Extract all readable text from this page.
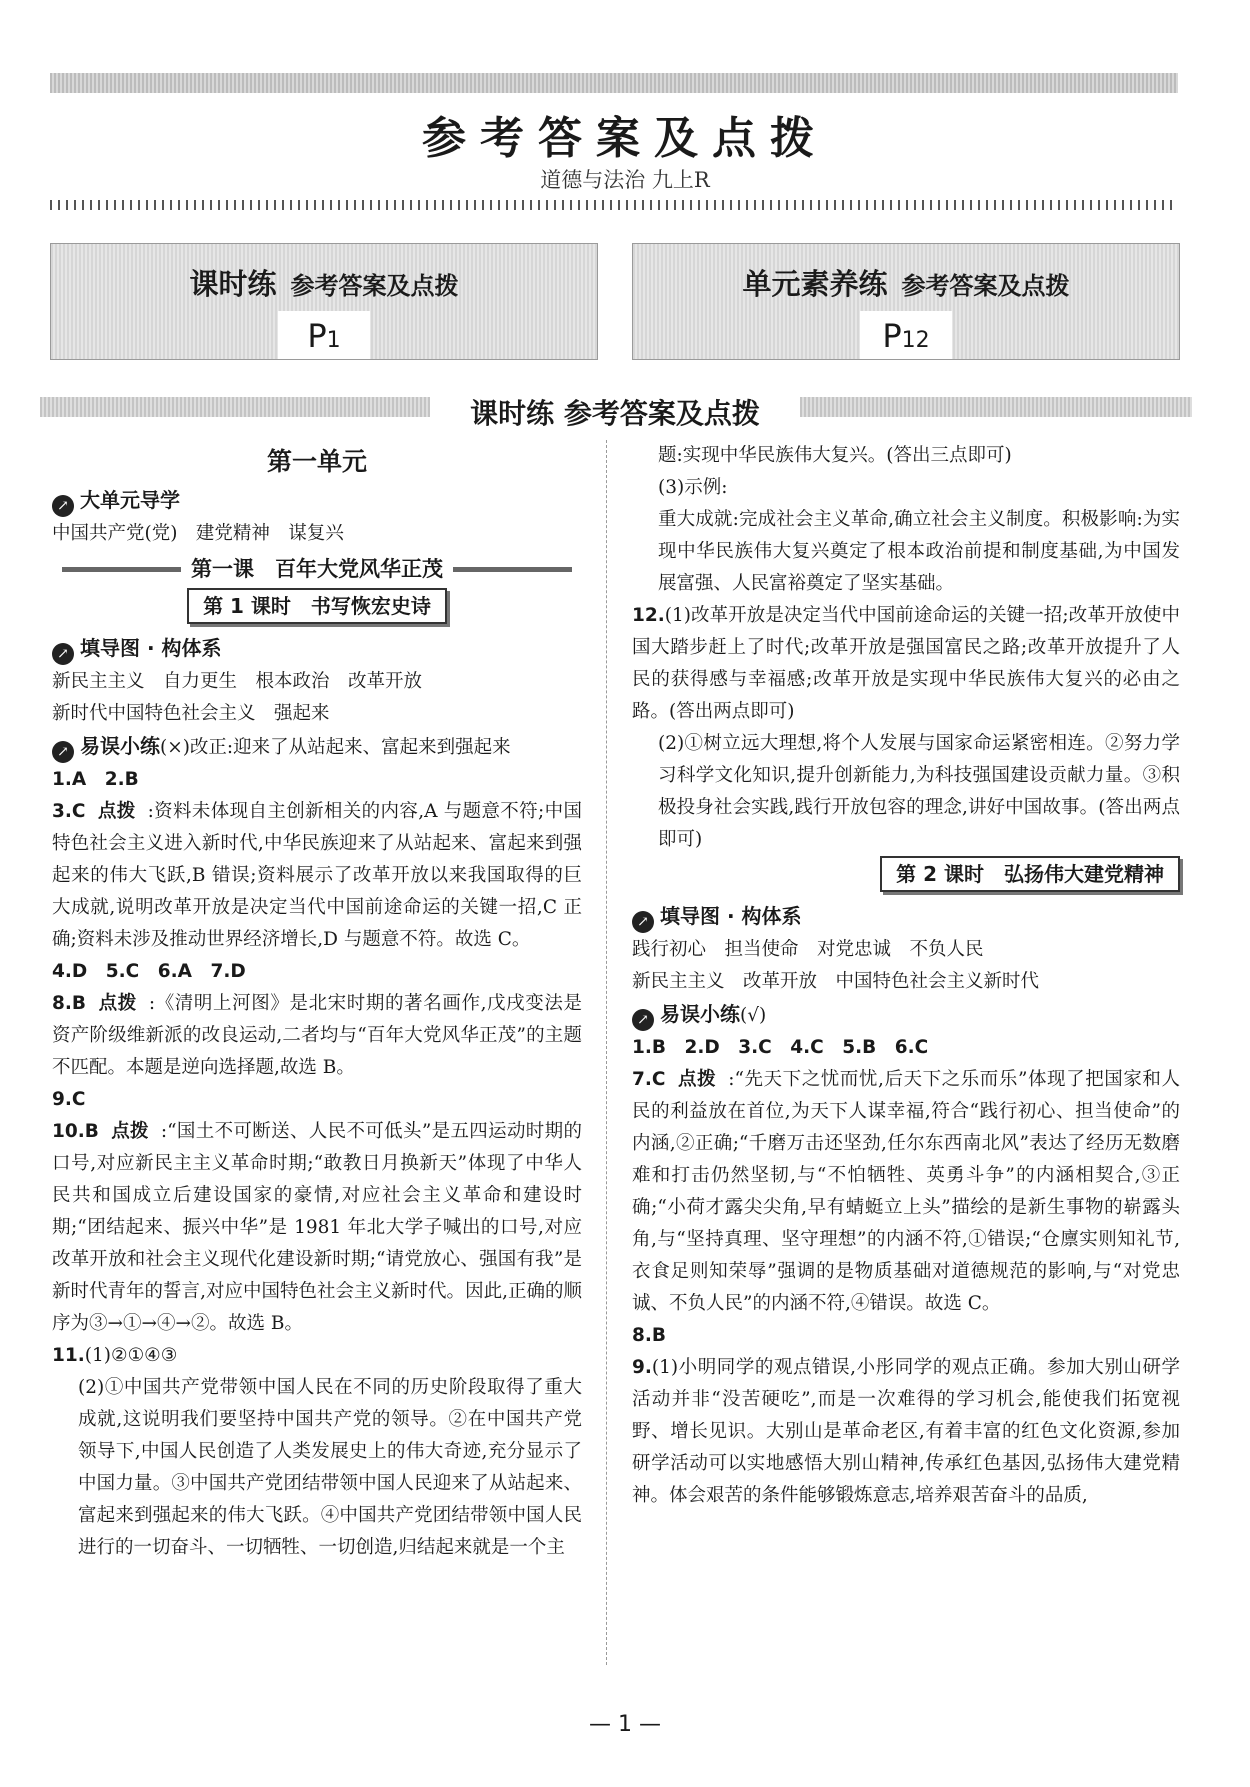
参考答案及点拨
道德与法治 九上R
课时练 参考答案及点拨
P1
单元素养练 参考答案及点拨
P12
课时练 参考答案及点拨
第一单元

↗ 大单元导学

中国共产党(党)　建党精神　谋复兴

第一课　百年大党风华正茂
第 1 课时　书写恢宏史诗

↗ 填导图 · 构体系

新民主主义　自力更生　根本政治　改革开放

新时代中国特色社会主义　强起来

↗ 易误小练(×)改正:迎来了从站起来、富起来到强起来

1.A　2.B

3.C 点拨 :资料未体现自主创新相关的内容,A 与题意不符;中国特色社会主义进入新时代,中华民族迎来了从站起来、富起来到强起来的伟大飞跃,B 错误;资料展示了改革开放以来我国取得的巨大成就,说明改革开放是决定当代中国前途命运的关键一招,C 正确;资料未涉及推动世界经济增长,D 与题意不符。故选 C。

4.D　5.C　6.A　7.D

8.B 点拨 :《清明上河图》是北宋时期的著名画作,戊戌变法是资产阶级维新派的改良运动,二者均与“百年大党风华正茂”的主题不匹配。本题是逆向选择题,故选 B。

9.C

10.B 点拨 :“国土不可断送、人民不可低头”是五四运动时期的口号,对应新民主主义革命时期;“敢教日月换新天”体现了中华人民共和国成立后建设国家的豪情,对应社会主义革命和建设时期;“团结起来、振兴中华”是 1981 年北大学子喊出的口号,对应改革开放和社会主义现代化建设新时期;“请党放心、强国有我”是新时代青年的誓言,对应中国特色社会主义新时代。因此,正确的顺序为③→①→④→②。故选 B。

11.(1)②①④③

(2)①中国共产党带领中国人民在不同的历史阶段取得了重大成就,这说明我们要坚持中国共产党的领导。②在中国共产党领导下,中国人民创造了人类发展史上的伟大奇迹,充分显示了中国力量。③中国共产党团结带领中国人民迎来了从站起来、富起来到强起来的伟大飞跃。④中国共产党团结带领中国人民进行的一切奋斗、一切牺牲、一切创造,归结起来就是一个主

题:实现中华民族伟大复兴。(答出三点即可)

(3)示例:

重大成就:完成社会主义革命,确立社会主义制度。积极影响:为实现中华民族伟大复兴奠定了根本政治前提和制度基础,为中国发展富强、人民富裕奠定了坚实基础。

12.(1)改革开放是决定当代中国前途命运的关键一招;改革开放使中国大踏步赶上了时代;改革开放是强国富民之路;改革开放提升了人民的获得感与幸福感;改革开放是实现中华民族伟大复兴的必由之路。(答出两点即可)

(2)①树立远大理想,将个人发展与国家命运紧密相连。②努力学习科学文化知识,提升创新能力,为科技强国建设贡献力量。③积极投身社会实践,践行开放包容的理念,讲好中国故事。(答出两点即可)

第 2 课时　弘扬伟大建党精神

↗ 填导图 · 构体系

践行初心　担当使命　对党忠诚　不负人民

新民主主义　改革开放　中国特色社会主义新时代

↗ 易误小练(√)

1.B　2.D　3.C　4.C　5.B　6.C

7.C 点拨 :“先天下之忧而忧,后天下之乐而乐”体现了把国家和人民的利益放在首位,为天下人谋幸福,符合“践行初心、担当使命”的内涵,②正确;“千磨万击还坚劲,任尔东西南北风”表达了经历无数磨难和打击仍然坚韧,与“不怕牺牲、英勇斗争”的内涵相契合,③正确;“小荷才露尖尖角,早有蜻蜓立上头”描绘的是新生事物的崭露头角,与“坚持真理、坚守理想”的内涵不符,①错误;“仓廪实则知礼节,衣食足则知荣辱”强调的是物质基础对道德规范的影响,与“对党忠诚、不负人民”的内涵不符,④错误。故选 C。

8.B

9.(1)小明同学的观点错误,小彤同学的观点正确。参加大别山研学活动并非“没苦硬吃”,而是一次难得的学习机会,能使我们拓宽视野、增长见识。大别山是革命老区,有着丰富的红色文化资源,参加研学活动可以实地感悟大别山精神,传承红色基因,弘扬伟大建党精神。体会艰苦的条件能够锻炼意志,培养艰苦奋斗的品质,

— 1 —
